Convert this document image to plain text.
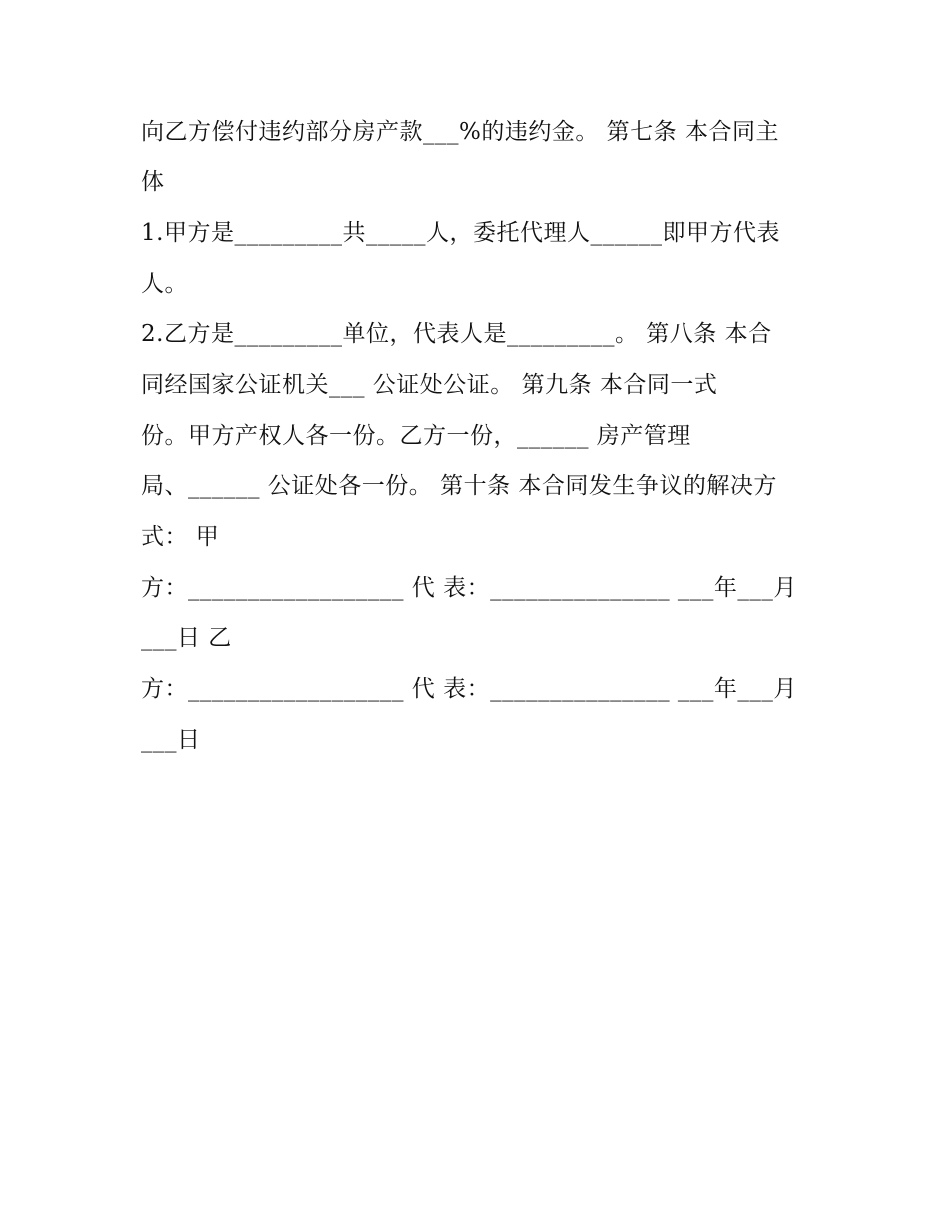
向乙方偿付违约部分房产款___%的违约金。 第七条 本合同主
体
1.甲方是_________共_____人，委托代理人______即甲方代表
人。
2.乙方是_________单位，代表人是_________。 第八条 本合
同经国家公证机关___ 公证处公证。 第九条 本合同一式
份。甲方产权人各一份。乙方一份，______ 房产管理
局、______ 公证处各一份。 第十条 本合同发生争议的解决方
式： 甲
方：__________________ 代 表：_______________ ___年___月
___日 乙
方：__________________ 代 表：_______________ ___年___月
___日
